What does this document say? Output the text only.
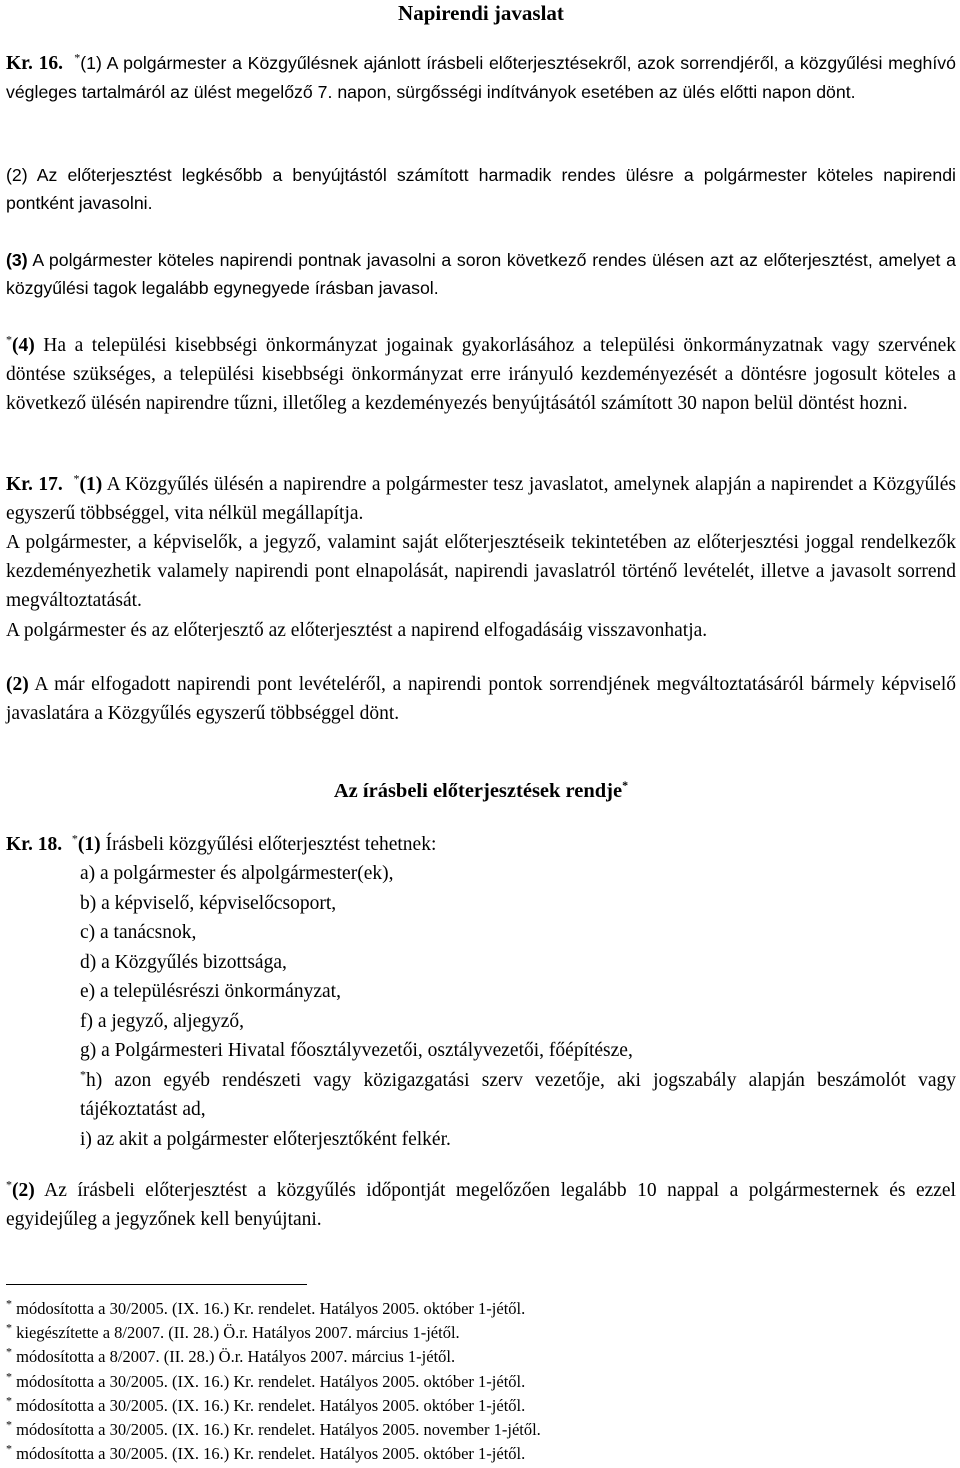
Napirendi javaslat
Kr. 16. *(1) A polgármester a Közgyűlésnek ajánlott írásbeli előterjesztésekről, azok sorrendjéről, a közgyűlési meghívó végleges tartalmáról az ülést megelőző 7. napon, sürgősségi indítványok esetében az ülés előtti napon dönt.
(2) Az előterjesztést legkésőbb a benyújtástól számított harmadik rendes ülésre a polgármester köteles napirendi pontként javasolni.
(3) A polgármester köteles napirendi pontnak javasolni a soron következő rendes ülésen azt az előterjesztést, amelyet a közgyűlési tagok legalább egynegyede írásban javasol.
*(4) Ha a települési kisebbségi önkormányzat jogainak gyakorlásához a települési önkormányzatnak vagy szervének döntése szükséges, a települési kisebbségi önkormányzat erre irányuló kezdeményezését a döntésre jogosult köteles a következő ülésén napirendre tűzni, illetőleg a kezdeményezés benyújtásától számított 30 napon belül döntést hozni.
Kr. 17. *(1) A Közgyűlés ülésén a napirendre a polgármester tesz javaslatot, amelynek alapján a napirendet a Közgyűlés egyszerű többséggel, vita nélkül megállapítja.
A polgármester, a képviselők, a jegyző, valamint saját előterjesztéseik tekintetében az előterjesztési joggal rendelkezők kezdeményezhetik valamely napirendi pont elnapolását, napirendi javaslatról történő levételét, illetve a javasolt sorrend megváltoztatását.
A polgármester és az előterjesztő az előterjesztést a napirend elfogadásáig visszavonhatja.
(2) A már elfogadott napirendi pont levételéről, a napirendi pontok sorrendjének megváltoztatásáról bármely képviselő javaslatára a Közgyűlés egyszerű többséggel dönt.
Az írásbeli előterjesztések rendje*
Kr. 18. *(1) Írásbeli közgyűlési előterjesztést tehetnek:
a) a polgármester és alpolgármester(ek),
b) a képviselő, képviselőcsoport,
c) a tanácsnok,
d) a Közgyűlés bizottsága,
e) a településrészi önkormányzat,
f) a jegyző, aljegyző,
g) a Polgármesteri Hivatal főosztályvezetői, osztályvezetői, főépítésze,
*h) azon egyéb rendészeti vagy közigazgatási szerv vezetője, aki jogszabály alapján beszámolót vagy tájékoztatást ad,
i) az akit a polgármester előterjesztőként felkér.
*(2) Az írásbeli előterjesztést a közgyűlés időpontját megelőzően legalább 10 nappal a polgármesternek és ezzel egyidejűleg a jegyzőnek kell benyújtani.
* módosította a 30/2005. (IX. 16.) Kr. rendelet. Hatályos 2005. október 1-jétől.
* kiegészítette a 8/2007. (II. 28.) Ö.r. Hatályos 2007. március 1-jétől.
* módosította a 8/2007. (II. 28.) Ö.r. Hatályos 2007. március 1-jétől.
* módosította a 30/2005. (IX. 16.) Kr. rendelet. Hatályos 2005. október 1-jétől.
* módosította a 30/2005. (IX. 16.) Kr. rendelet. Hatályos 2005. október 1-jétől.
* módosította a 30/2005. (IX. 16.) Kr. rendelet. Hatályos 2005. november 1-jétől.
* módosította a 30/2005. (IX. 16.) Kr. rendelet. Hatályos 2005. október 1-jétől.
